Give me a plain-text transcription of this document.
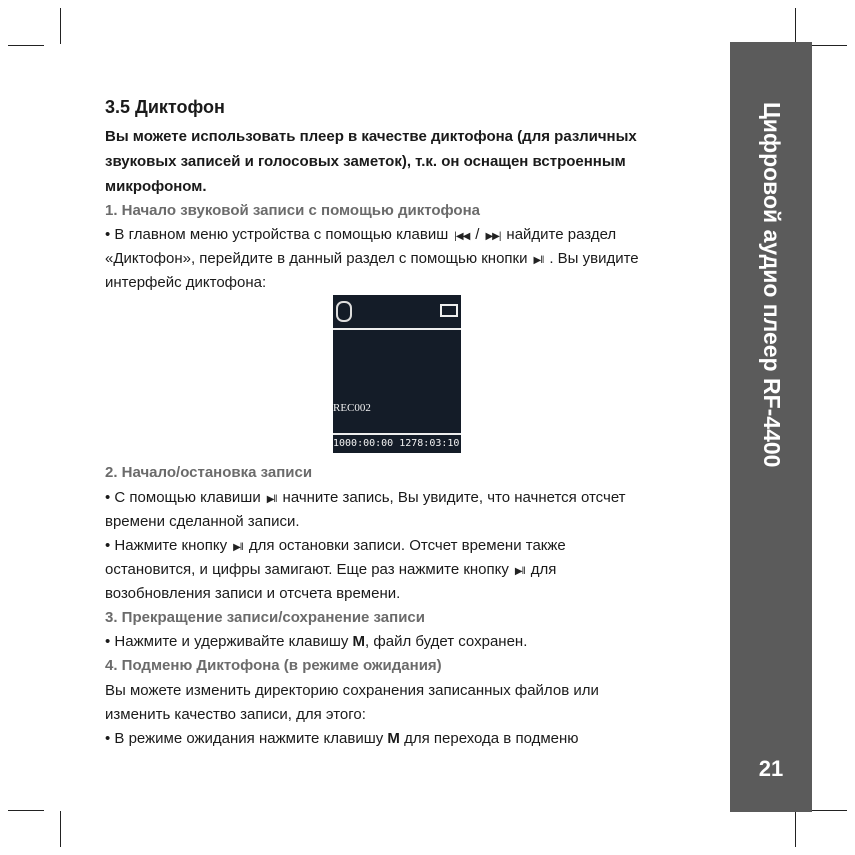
Цифровой аудио плеер RF-4400
21
3.5 Диктофон
Вы можете использовать плеер в качестве диктофона (для различных
звуковых записей и голосовых заметок), т.к. он оснащен встроенным
микрофоном.
1. Начало звуковой записи с помощью диктофона
• В главном меню устройства с помощью клавиш |◀◀ / ▶▶| найдите раздел
«Диктофон», перейдите в данный раздел с помощью кнопки ▶ǁ . Вы увидите
интерфейс диктофона:
REC002
1000:00:00 1278:03:10
2. Начало/остановка записи
• С помощью клавиши ▶ǁ начните запись, Вы увидите, что начнется отсчет
времени сделанной записи.
• Нажмите кнопку ▶ǁ для остановки записи. Отсчет времени также
остановится, и цифры замигают. Еще раз нажмите кнопку ▶ǁ для
возобновления записи и отсчета времени.
3. Прекращение записи/сохранение записи
• Нажмите и удерживайте клавишу M, файл будет сохранен.
4. Подменю Диктофона (в режиме ожидания)
Вы можете изменить директорию сохранения записанных файлов или
изменить качество записи, для этого:
• В режиме ожидания нажмите клавишу M для перехода в подменю
